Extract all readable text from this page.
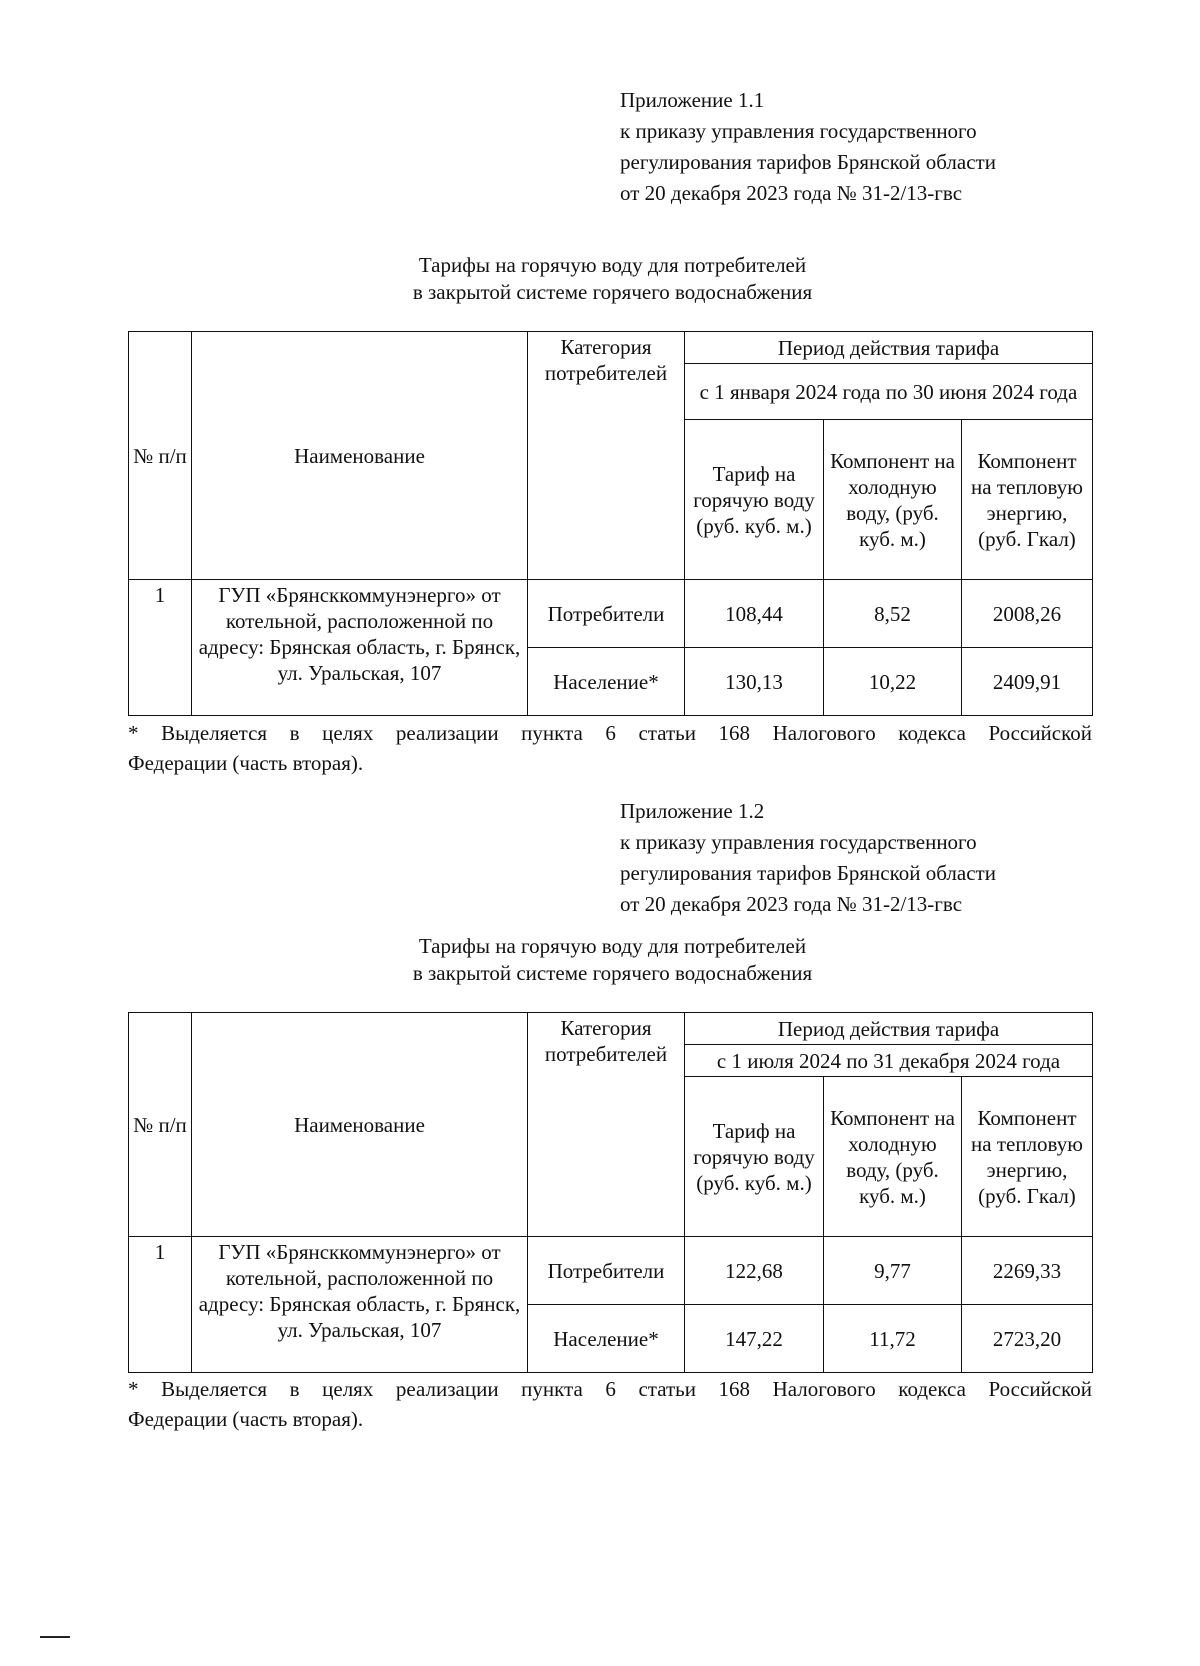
Приложение 1.1
к приказу управления государственного
регулирования тарифов Брянской области
от 20 декабря 2023 года № 31-2/13-гвс
Тарифы на горячую воду для потребителей
в закрытой системе горячего водоснабжения
№ п/п	Наименование	Категория потребителей	Период действия тарифа		
			с 1 января 2024 года по 30 июня 2024 года		
			Тариф на горячую воду (руб. куб. м.)	Компонент на холодную воду, (руб. куб. м.)	Компонент на тепловую энергию, (руб. Гкал)
1	ГУП «Брянсккоммунэнерго» от котельной, расположенной по адресу: Брянская область, г. Брянск, ул. Уральская, 107	Потребители	108,44	8,52	2008,26
		Население*	130,13	10,22	2409,91
* Выделяется в целях реализации пункта 6 статьи 168 Налогового кодекса Российской
Федерации (часть вторая).
Приложение 1.2
к приказу управления государственного
регулирования тарифов Брянской области
от 20 декабря 2023 года № 31-2/13-гвс
Тарифы на горячую воду для потребителей
в закрытой системе горячего водоснабжения
№ п/п	Наименование	Категория потребителей	Период действия тарифа		
			с 1 июля 2024 по 31 декабря 2024 года		
			Тариф на горячую воду (руб. куб. м.)	Компонент на холодную воду, (руб. куб. м.)	Компонент на тепловую энергию, (руб. Гкал)
1	ГУП «Брянсккоммунэнерго» от котельной, расположенной по адресу: Брянская область, г. Брянск, ул. Уральская, 107	Потребители	122,68	9,77	2269,33
		Население*	147,22	11,72	2723,20
* Выделяется в целях реализации пункта 6 статьи 168 Налогового кодекса Российской
Федерации (часть вторая).
